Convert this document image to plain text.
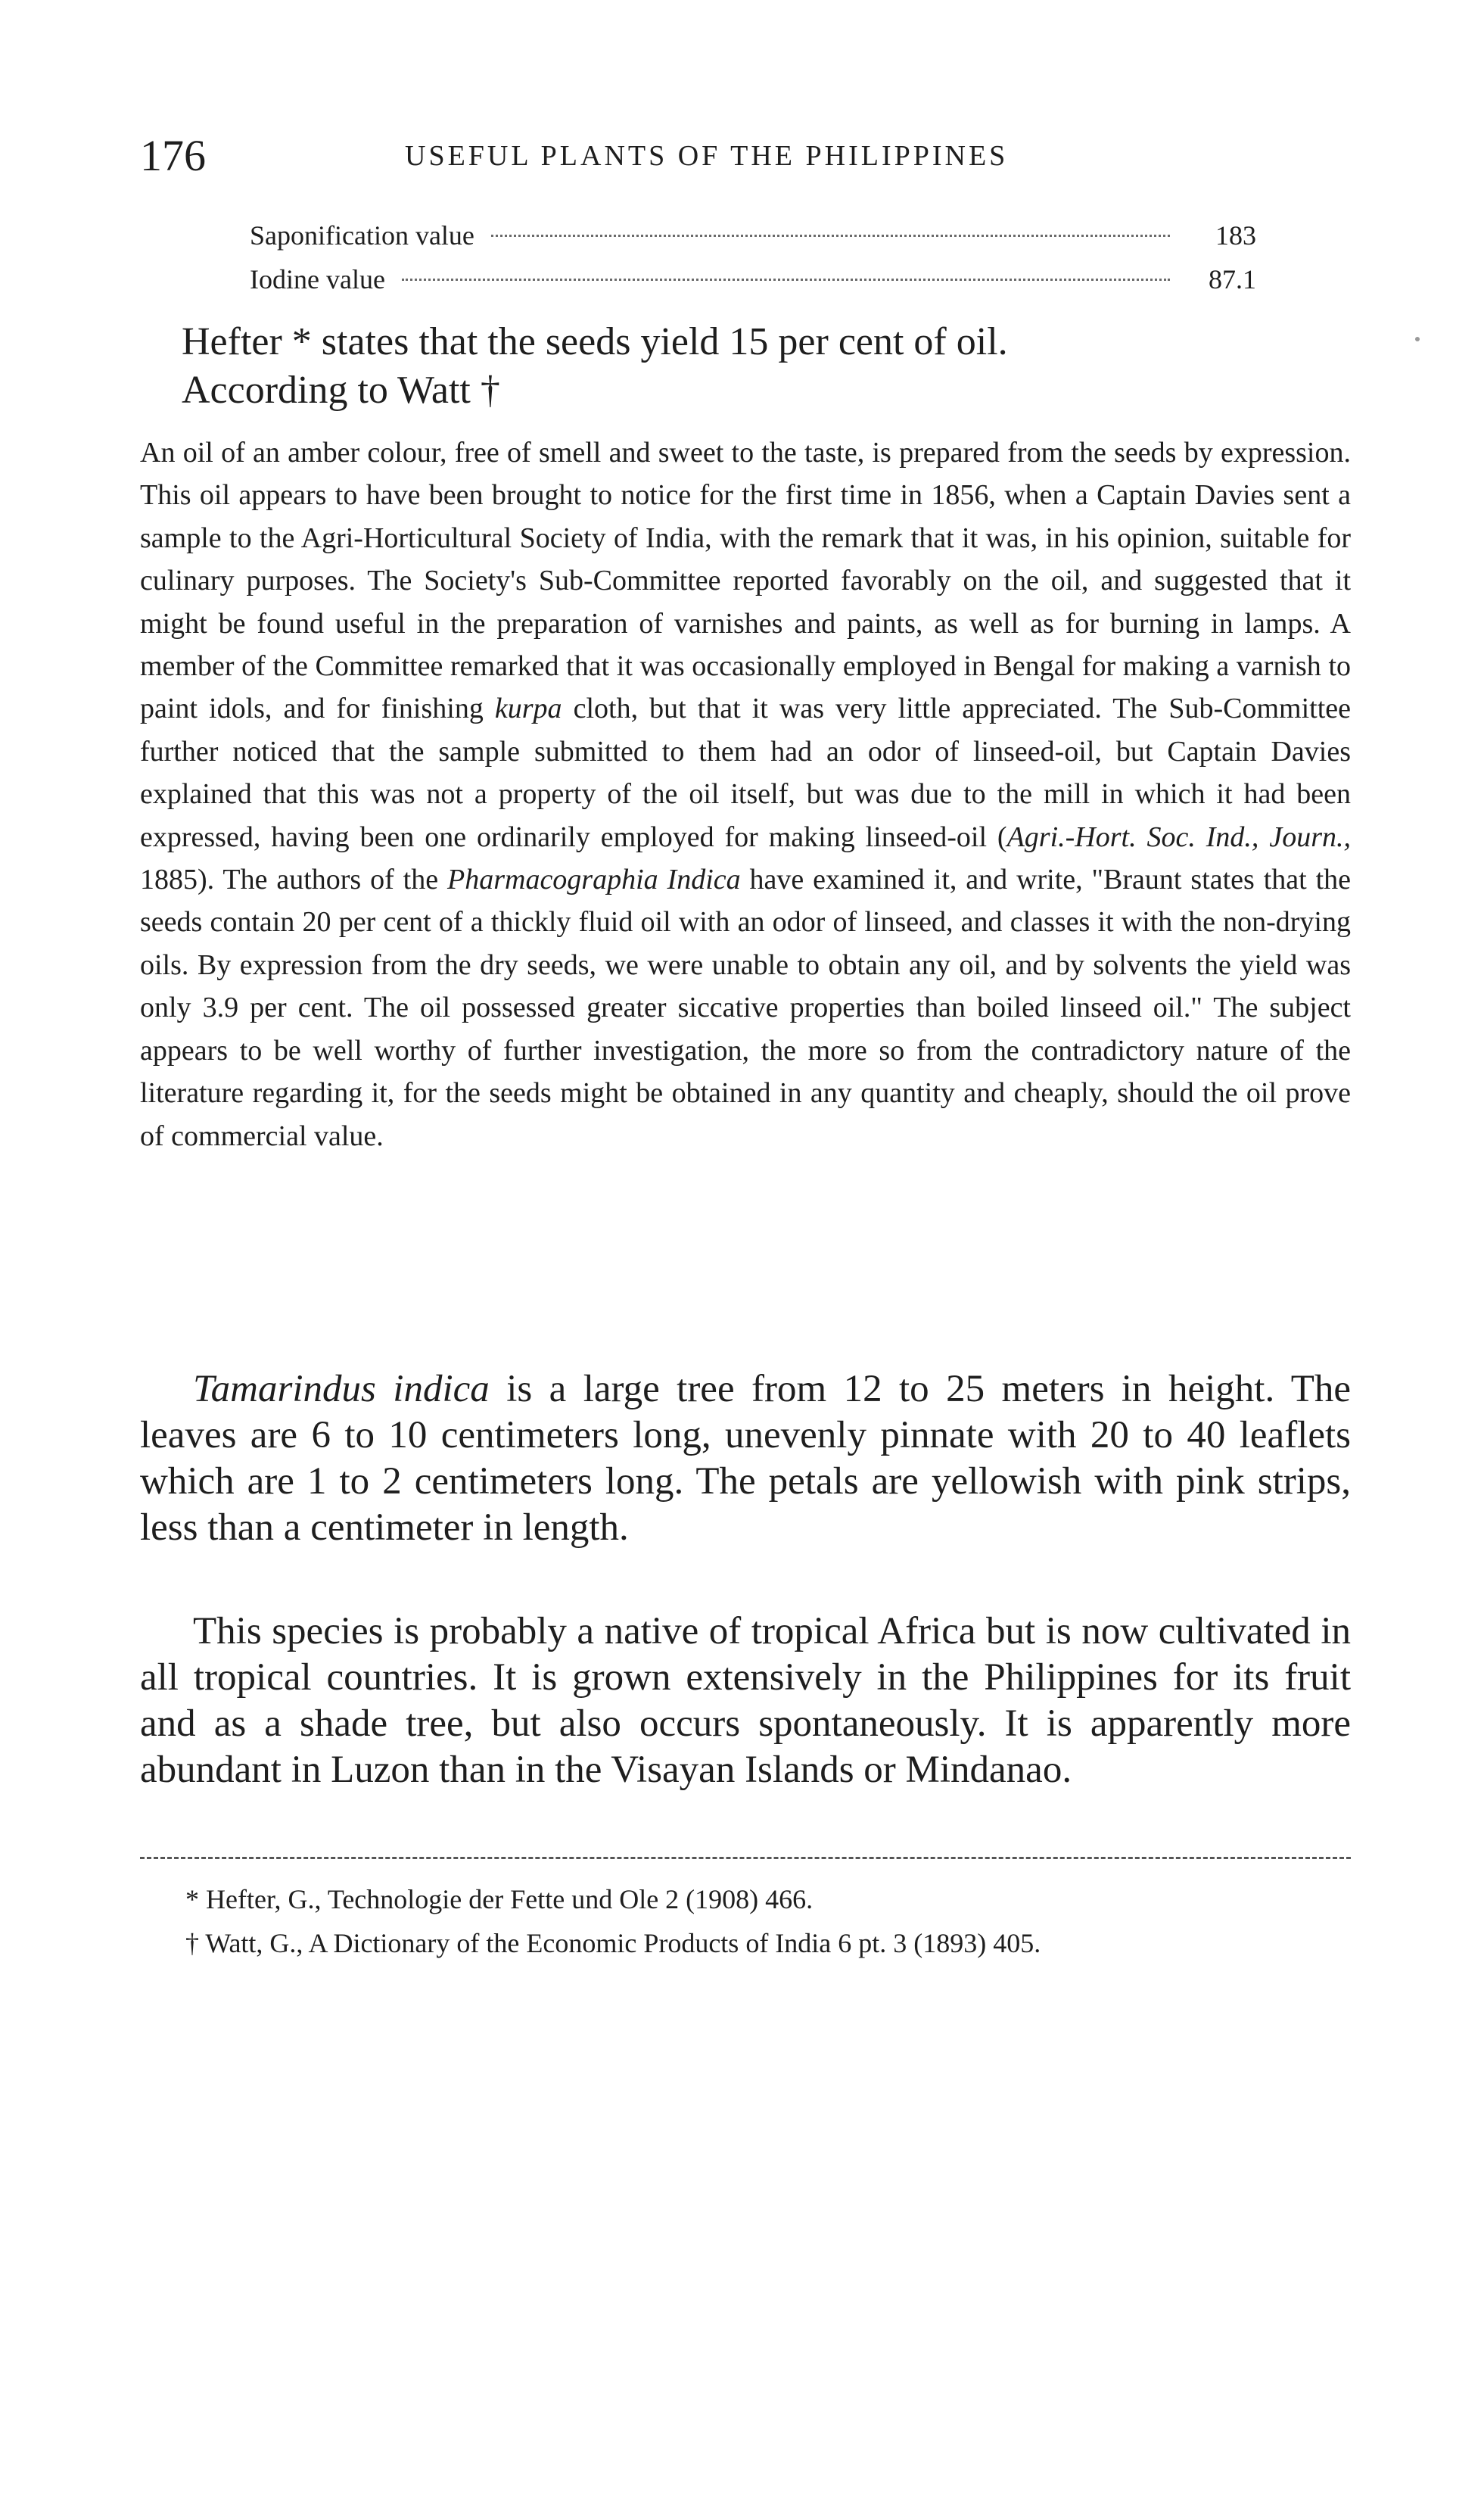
176	USEFUL PLANTS OF THE PHILIPPINES
Saponification value	183
Iodine value	87.1
Hefter * states that the seeds yield 15 per cent of oil.
According to Watt †
An oil of an amber colour, free of smell and sweet to the taste, is prepared from the seeds by expression. This oil appears to have been brought to notice for the first time in 1856, when a Captain Davies sent a sample to the Agri-Horticultural Society of India, with the remark that it was, in his opinion, suitable for culinary purposes. The Society's Sub-Committee reported favorably on the oil, and suggested that it might be found useful in the preparation of varnishes and paints, as well as for burning in lamps. A member of the Committee remarked that it was occasionally employed in Bengal for making a varnish to paint idols, and for finishing kurpa cloth, but that it was very little appreciated. The Sub-Committee further noticed that the sample submitted to them had an odor of linseed-oil, but Captain Davies explained that this was not a property of the oil itself, but was due to the mill in which it had been expressed, having been one ordinarily employed for making linseed-oil (Agri.-Hort. Soc. Ind., Journ., 1885). The authors of the Pharmacographia Indica have examined it, and write, "Braunt states that the seeds contain 20 per cent of a thickly fluid oil with an odor of linseed, and classes it with the non-drying oils. By expression from the dry seeds, we were unable to obtain any oil, and by solvents the yield was only 3.9 per cent. The oil possessed greater siccative properties than boiled linseed oil." The subject appears to be well worthy of further investigation, the more so from the contradictory nature of the literature regarding it, for the seeds might be obtained in any quantity and cheaply, should the oil prove of commercial value.
Tamarindus indica is a large tree from 12 to 25 meters in height. The leaves are 6 to 10 centimeters long, unevenly pinnate with 20 to 40 leaflets which are 1 to 2 centimeters long. The petals are yellowish with pink strips, less than a centimeter in length.
This species is probably a native of tropical Africa but is now cultivated in all tropical countries. It is grown extensively in the Philippines for its fruit and as a shade tree, but also occurs spontaneously. It is apparently more abundant in Luzon than in the Visayan Islands or Mindanao.
* Hefter, G., Technologie der Fette und Ole 2 (1908) 466.
† Watt, G., A Dictionary of the Economic Products of India 6 pt. 3 (1893) 405.
